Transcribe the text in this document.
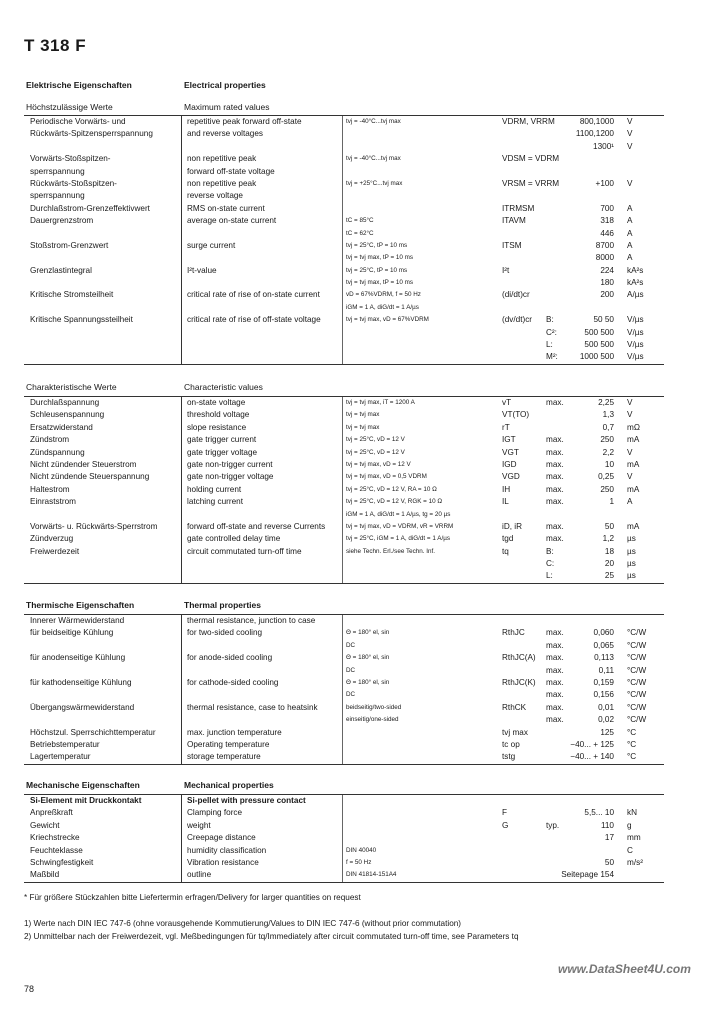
T 318 F
Elektrische Eigenschaften	Electrical properties
Höchstzulässige Werte	Maximum rated values
Periodische Vorwärts- und	repetitive peak forward off-state	tvj = -40°C...tvj max	VDRM, VRRM	800,1000 V
Rückwärts-Spitzensperrspannung	and reverse voltages	1100,1200 V
1300¹ V
Vorwärts-Stoßspitzen-	non repetitive peak	tvj = -40°C...tvj max	VDSM = VDRM
sperrspannung	forward off-state voltage
Rückwärts-Stoßspitzen-	non repetitive peak	tvj = +25°C...tvj max	VRSM = VRRM	+100 V
sperrspannung	reverse voltage
Durchlaßstrom-Grenzeffektivwert	RMS on-state current	ITRMSM	700 A
Dauergrenzstrom	average on-state current	tC = 85°C	ITAVM	318 A
tC = 62°C	446 A
Stoßstrom-Grenzwert	surge current	tvj = 25°C, tP = 10 ms	ITSM	8700 A
tvj = tvj max, tP = 10 ms	8000 A
Grenzlastintegral	I²t-value	tvj = 25°C, tP = 10 ms	I²t	224 kA²s
tvj = tvj max, tP = 10 ms	180 kA²s
Kritische Stromsteilheit	critical rate of rise of on-state current	vD = 67%VDRM, f = 50 Hz	(di/dt)cr	200 A/µs
iGM = 1 A, diG/dt = 1 A/µs
Kritische Spannungssteilheit	critical rate of rise of off-state voltage	tvj = tvj max, vD = 67%VDRM	(dv/dt)cr B:	50 50 V/µs
C²:	500 500 V/µs
L:	500 500 V/µs
M²:	1000 500 V/µs
Charakteristische Werte	Characteristic values
Durchlaßspannung	on-state voltage	tvj = tvj max, iT = 1200 A	vT	max.	2,25 V
Schleusenspannung	threshold voltage	tvj = tvj max	VT(TO)	1,3 V
Ersatzwiderstand	slope resistance	tvj = tvj max	rT	0,7 mΩ
Zündstrom	gate trigger current	tvj = 25°C, vD = 12 V	IGT	max.	250 mA
Zündspannung	gate trigger voltage	tvj = 25°C, vD = 12 V	VGT	max.	2,2 V
Nicht zündender Steuerstrom	gate non-trigger current	tvj = tvj max, vD = 12 V	IGD	max.	10 mA
Nicht zündende Steuerspannung	gate non-trigger voltage	tvj = tvj max, vD = 0,5 VDRM	VGD	max.	0,25 V
Haltestrom	holding current	tvj = 25°C, vD = 12 V, RA = 10 Ω	IH	max.	250 mA
Einraststrom	latching current	tvj = 25°C, vD = 12 V, RGK = 10 Ω	IL	max.	1 A
iGM = 1 A, diG/dt = 1 A/µs, tg = 20 µs
Vorwärts- u. Rückwärts-Sperrstrom	forward off-state and reverse Currents	tvj = tvj max, vD = VDRM, vR = VRRM	iD, iR	max.	50 mA
Zündverzug	gate controlled delay time	tvj = 25°C, iGM = 1 A, diG/dt = 1 A/µs	tgd	max.	1,2 µs
Freiwerdezeit	circuit commutated turn-off time	siehe Techn. Erl./see Techn. Inf.	tq	B:	18 µs
C:	20 µs
L:	25 µs
Thermische Eigenschaften	Thermal properties
Innerer Wärmewiderstand	thermal resistance, junction to case
für beidseitige Kühlung	for two-sided cooling	Θ = 180° el, sin	RthJC	max.	0,060 °C/W
DC	max.	0,065 °C/W
für anodenseitige Kühlung	for anode-sided cooling	Θ = 180° el, sin	RthJC(A) max.	0,113 °C/W
DC	max.	0,11 °C/W
für kathodenseitige Kühlung	for cathode-sided cooling	Θ = 180° el, sin	RthJC(K) max.	0,159 °C/W
DC	max.	0,156 °C/W
Übergangswärmewiderstand	thermal resistance, case to heatsink	beidseitig/two-sided	RthCK max.	0,01 °C/W
einseitig/one-sided	max.	0,02 °C/W
Höchstzul. Sperrschichttemperatur	max. junction temperature	tvj max	125 °C
Betriebstemperatur	Operating temperature	tc op	−40... + 125 °C
Lagertemperatur	storage temperature	tstg	−40... + 140 °C
Mechanische Eigenschaften	Mechanical properties
Si-Element mit Druckkontakt	Si-pellet with pressure contact
Anpreßkraft	Clamping force	F	5,5... 10 kN
Gewicht	weight	G	typ.	110 g
Kriechstrecke	Creepage distance	17 mm
Feuchteklasse	humidity classification	DIN 40040	C
Schwingfestigkeit	Vibration resistance	f = 50 Hz	50 m/s²
Maßbild	outline	DIN 41814-151A4	Seitepage 154
* Für größere Stückzahlen bitte Liefertermin erfragen/Delivery for larger quantities on request
1) Werte nach DIN IEC 747-6 (ohne vorausgehende Kommutierung/Values to DIN IEC 747-6 (without prior commutation)
2) Unmittelbar nach der Freiwerdezeit, vgl. Meßbedingungen für tq/Immediately after circuit commutated turn-off time, see Parameters tq
www.DataSheet4U.com
78
